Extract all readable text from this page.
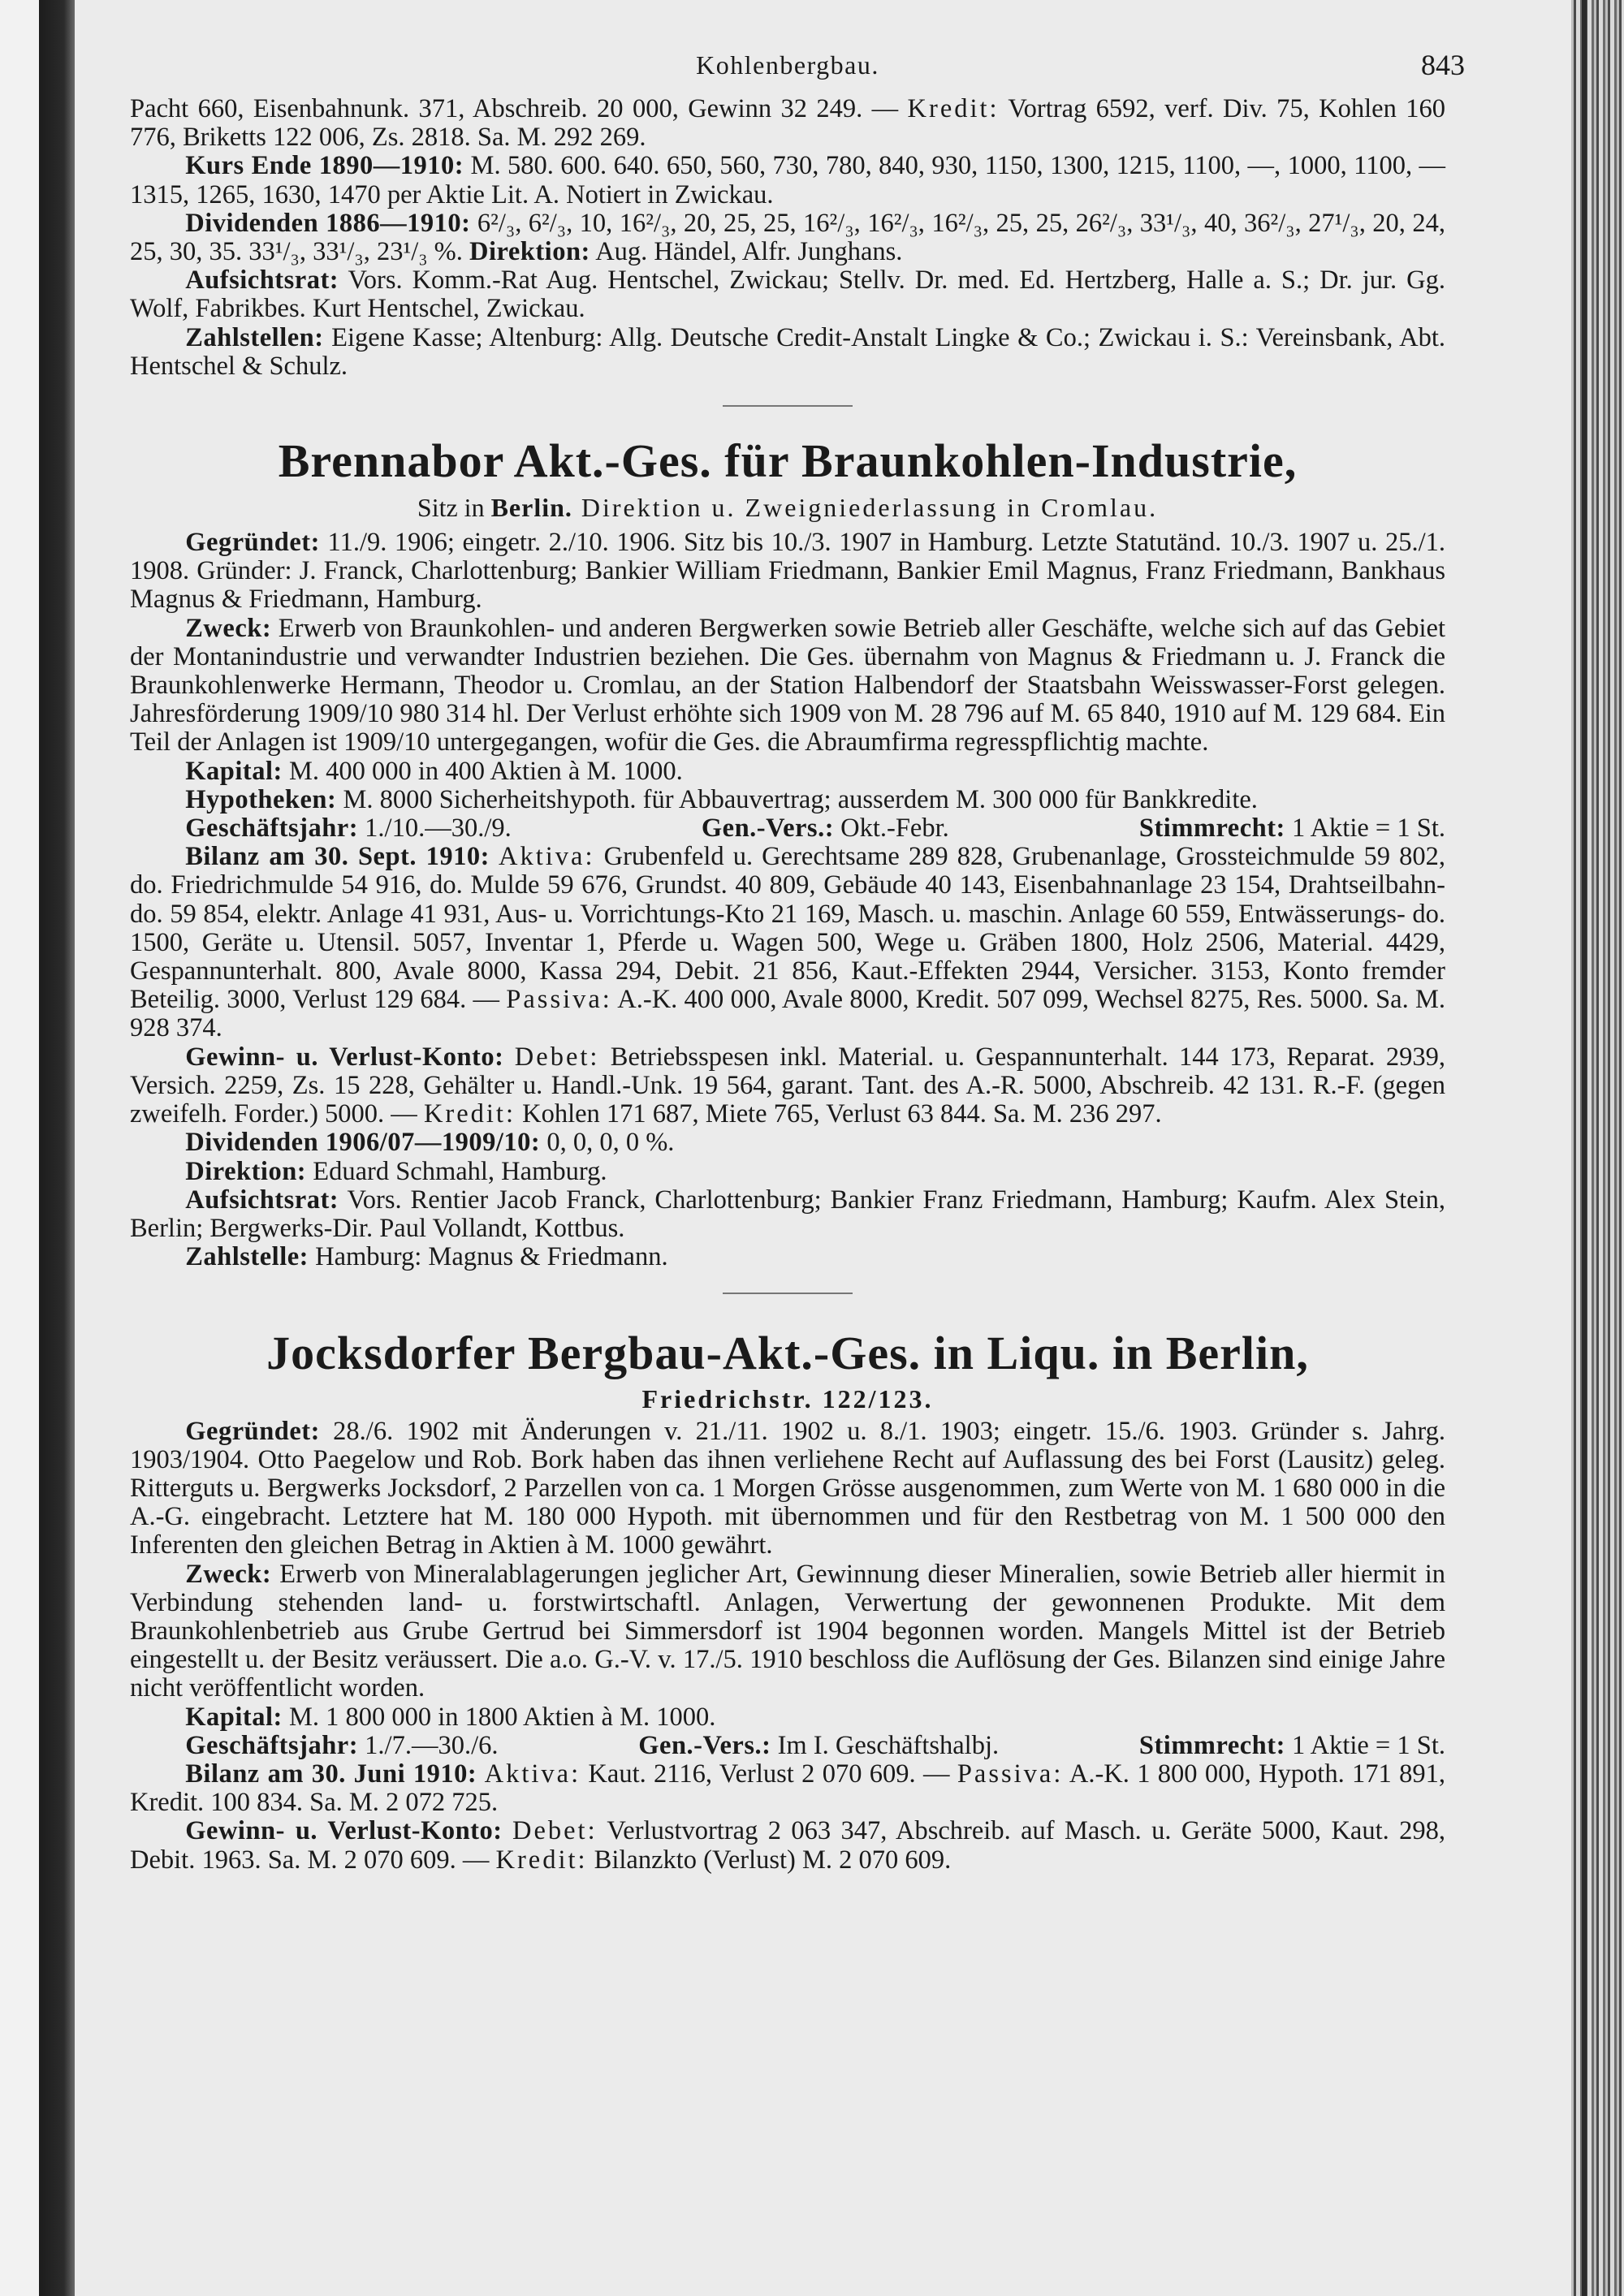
Kohlenbergbau.	843

Pacht 660, Eisenbahnunk. 371, Abschreib. 20 000, Gewinn 32 249. — Kredit: Vortrag 6592, verf. Div. 75, Kohlen 160 776, Briketts 122 006, Zs. 2818. Sa. M. 292 269.

Kurs Ende 1890—1910: M. 580. 600. 640. 650, 560, 730, 780, 840, 930, 1150, 1300, 1215, 1100, —, 1000, 1100, — 1315, 1265, 1630, 1470 per Aktie Lit. A. Notiert in Zwickau.

Dividenden 1886—1910: 6²/₃, 6²/₃, 10, 16²/₃, 20, 25, 25, 16²/₃, 16²/₃, 16²/₃, 25, 25, 26²/₃, 33¹/₃, 40, 36²/₃, 27¹/₃, 20, 24, 25, 30, 35. 33¹/₃, 33¹/₃, 23¹/₃ %. Direktion: Aug. Händel, Alfr. Junghans.

Aufsichtsrat: Vors. Komm.-Rat Aug. Hentschel, Zwickau; Stellv. Dr. med. Ed. Hertzberg, Halle a. S.; Dr. jur. Gg. Wolf, Fabrikbes. Kurt Hentschel, Zwickau.

Zahlstellen: Eigene Kasse; Altenburg: Allg. Deutsche Credit-Anstalt Lingke & Co.; Zwickau i. S.: Vereinsbank, Abt. Hentschel & Schulz.

Brennabor Akt.-Ges. für Braunkohlen-Industrie,
Sitz in Berlin. Direktion u. Zweigniederlassung in Cromlau.

Gegründet: 11./9. 1906; eingetr. 2./10. 1906. Sitz bis 10./3. 1907 in Hamburg. Letzte Statutänd. 10./3. 1907 u. 25./1. 1908. Gründer: J. Franck, Charlottenburg; Bankier William Friedmann, Bankier Emil Magnus, Franz Friedmann, Bankhaus Magnus & Friedmann, Hamburg.

Zweck: Erwerb von Braunkohlen- und anderen Bergwerken sowie Betrieb aller Geschäfte, welche sich auf das Gebiet der Montanindustrie und verwandter Industrien beziehen. Die Ges. übernahm von Magnus & Friedmann u. J. Franck die Braunkohlenwerke Hermann, Theodor u. Cromlau, an der Station Halbendorf der Staatsbahn Weisswasser-Forst gelegen. Jahresförderung 1909/10 980 314 hl. Der Verlust erhöhte sich 1909 von M. 28 796 auf M. 65 840, 1910 auf M. 129 684. Ein Teil der Anlagen ist 1909/10 untergegangen, wofür die Ges. die Abraumfirma regresspflichtig machte.

Kapital: M. 400 000 in 400 Aktien à M. 1000.

Hypotheken: M. 8000 Sicherheitshypoth. für Abbauvertrag; ausserdem M. 300 000 für Bankkredite.

Geschäftsjahr: 1./10.—30./9.	Gen.-Vers.: Okt.-Febr.	Stimmrecht: 1 Aktie = 1 St.

Bilanz am 30. Sept. 1910: Aktiva: Grubenfeld u. Gerechtsame 289 828, Grubenanlage, Grossteichmulde 59 802, do. Friedrichmulde 54 916, do. Mulde 59 676, Grundst. 40 809, Gebäude 40 143, Eisenbahnanlage 23 154, Drahtseilbahn- do. 59 854, elektr. Anlage 41 931, Aus- u. Vorrichtungs-Kto 21 169, Masch. u. maschin. Anlage 60 559, Entwässerungs- do. 1500, Geräte u. Utensil. 5057, Inventar 1, Pferde u. Wagen 500, Wege u. Gräben 1800, Holz 2506, Material. 4429, Gespannunterhalt. 800, Avale 8000, Kassa 294, Debit. 21 856, Kaut.-Effekten 2944, Versicher. 3153, Konto fremder Beteilig. 3000, Verlust 129 684. — Passiva: A.-K. 400 000, Avale 8000, Kredit. 507 099, Wechsel 8275, Res. 5000. Sa. M. 928 374.

Gewinn- u. Verlust-Konto: Debet: Betriebsspesen inkl. Material. u. Gespannunterhalt. 144 173, Reparat. 2939, Versich. 2259, Zs. 15 228, Gehälter u. Handl.-Unk. 19 564, garant. Tant. des A.-R. 5000, Abschreib. 42 131. R.-F. (gegen zweifelh. Forder.) 5000. — Kredit: Kohlen 171 687, Miete 765, Verlust 63 844. Sa. M. 236 297.

Dividenden 1906/07—1909/10: 0, 0, 0, 0 %.

Direktion: Eduard Schmahl, Hamburg.

Aufsichtsrat: Vors. Rentier Jacob Franck, Charlottenburg; Bankier Franz Friedmann, Hamburg; Kaufm. Alex Stein, Berlin; Bergwerks-Dir. Paul Vollandt, Kottbus.

Zahlstelle: Hamburg: Magnus & Friedmann.

Jocksdorfer Bergbau-Akt.-Ges. in Liqu. in Berlin,
Friedrichstr. 122/123.

Gegründet: 28./6. 1902 mit Änderungen v. 21./11. 1902 u. 8./1. 1903; eingetr. 15./6. 1903. Gründer s. Jahrg. 1903/1904. Otto Paegelow und Rob. Bork haben das ihnen verliehene Recht auf Auflassung des bei Forst (Lausitz) geleg. Ritterguts u. Bergwerks Jocksdorf, 2 Parzellen von ca. 1 Morgen Grösse ausgenommen, zum Werte von M. 1 680 000 in die A.-G. eingebracht. Letztere hat M. 180 000 Hypoth. mit übernommen und für den Restbetrag von M. 1 500 000 den Inferenten den gleichen Betrag in Aktien à M. 1000 gewährt.

Zweck: Erwerb von Mineralablagerungen jeglicher Art, Gewinnung dieser Mineralien, sowie Betrieb aller hiermit in Verbindung stehenden land- u. forstwirtschaftl. Anlagen, Verwertung der gewonnenen Produkte. Mit dem Braunkohlenbetrieb aus Grube Gertrud bei Simmersdorf ist 1904 begonnen worden. Mangels Mittel ist der Betrieb eingestellt u. der Besitz veräussert. Die a.o. G.-V. v. 17./5. 1910 beschloss die Auflösung der Ges. Bilanzen sind einige Jahre nicht veröffentlicht worden.

Kapital: M. 1 800 000 in 1800 Aktien à M. 1000.

Geschäftsjahr: 1./7.—30./6.	Gen.-Vers.: Im I. Geschäftshalbj.	Stimmrecht: 1 Aktie = 1 St.

Bilanz am 30. Juni 1910: Aktiva: Kaut. 2116, Verlust 2 070 609. — Passiva: A.-K. 1 800 000, Hypoth. 171 891, Kredit. 100 834. Sa. M. 2 072 725.

Gewinn- u. Verlust-Konto: Debet: Verlustvortrag 2 063 347, Abschreib. auf Masch. u. Geräte 5000, Kaut. 298, Debit. 1963. Sa. M. 2 070 609. — Kredit: Bilanzkto (Verlust) M. 2 070 609.
